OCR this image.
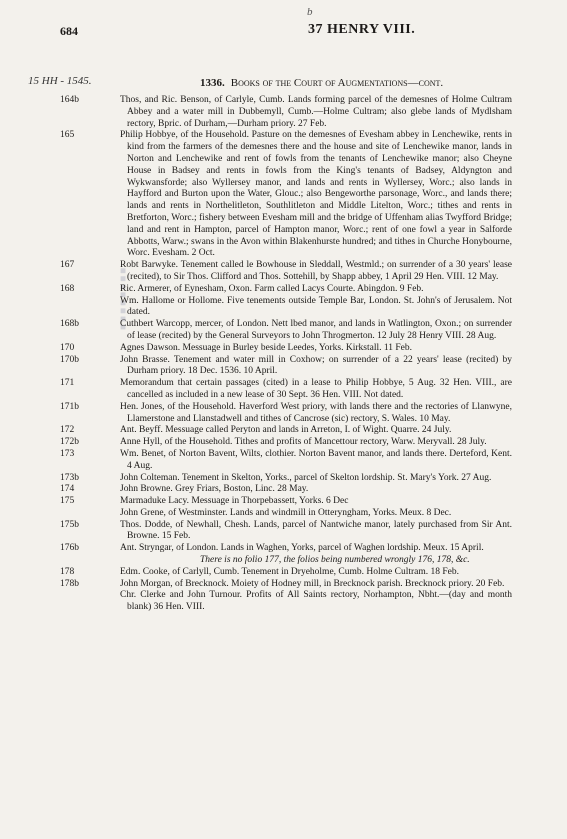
684
b
37 HENRY VIII.
15 HH - 1545.	1336. Books of the Court of Augmentations—cont.
■■■■■■■■
164b	Thos, and Ric. Benson, of Carlyle, Cumb. Lands forming parcel of the demesnes of Holme Cultram Abbey and a water mill in Dubbemyll, Cumb.—Holme Cultram; also glebe lands of Mydlsham rectory, Bpric. of Durham,—Durham priory. 27 Feb.
165	Philip Hobbye, of the Household. Pasture on the demesnes of Evesham abbey in Lenchewike, rents in kind from the farmers of the demesnes there and the house and site of Lenchewike manor, lands in Norton and Lenchewike and rent of fowls from the tenants of Lenchewike manor; also Cheyne House in Badsey and rents in fowls from the King's tenants of Badsey, Aldyngton and Wykwansforde; also Wyllersey manor, and lands and rents in Wyllersey, Worc.; also lands in Hayfford and Burton upon the Water, Glouc.; also Bengeworthe parsonage, Worc., and lands there; lands and rents in Northelitleton, Southlitleton and Middle Litelton, Worc.; tithes and rents in Bretforton, Worc.; fishery between Evesham mill and the bridge of Uffenham alias Twyfford Bridge; land and rent in Hampton, parcel of Hampton manor, Worc.; rent of one fowl a year in Salforde Abbotts, Warw.; swans in the Avon within Blakenhurste hundred; and tithes in Churche Honybourne, Worc. Evesham. 2 Oct.
167	Robt Barwyke. Tenement called le Bowhouse in Sleddall, Westmld.; on surrender of a 30 years' lease (recited), to Sir Thos. Clifford and Thos. Sottehill, by Shapp abbey, 1 April 29 Hen. VIII. 12 May.
168	Ric. Armerer, of Eynesham, Oxon. Farm called Lacys Courte. Abingdon. 9 Feb.
Wm. Hallome or Hollome. Five tenements outside Temple Bar, London. St. John's of Jerusalem. Not dated.
168b	Cuthbert Warcopp, mercer, of London. Nett lbed manor, and lands in Watlington, Oxon.; on surrender of lease (recited) by the General Surveyors to John Throgmerton. 12 July 28 Henry VIII. 28 Aug.
170	Agnes Dawson. Messuage in Burley beside Leedes, Yorks. Kirkstall. 11 Feb.
170b	John Brasse. Tenement and water mill in Coxhow; on surrender of a 22 years' lease (recited) by Durham priory. 18 Dec. 1536. 10 April.
171	Memorandum that certain passages (cited) in a lease to Philip Hobbye, 5 Aug. 32 Hen. VIII., are cancelled as included in a new lease of 30 Sept. 36 Hen. VIII. Not dated.
171b	Hen. Jones, of the Household. Haverford West priory, with lands there and the rectories of Llanwyne, Llamerstone and Llanstadwell and tithes of Cancrose (sic) rectory, S. Wales. 10 May.
172	Ant. Beyff. Messuage called Peryton and lands in Arreton, I. of Wight. Quarre. 24 July.
172b	Anne Hyll, of the Household. Tithes and profits of Mancettour rectory, Warw. Meryvall. 28 July.
173	Wm. Benet, of Norton Bavent, Wilts, clothier. Norton Bavent manor, and lands there. Derteford, Kent. 4 Aug.
173b	John Colteman. Tenement in Skelton, Yorks., parcel of Skelton lordship. St. Mary's York. 27 Aug.
174	John Browne. Grey Friars, Boston, Linc. 28 May.
175	Marmaduke Lacy. Messuage in Thorpebassett, Yorks. 6 Dec
John Grene, of Westminster. Lands and windmill in Otteryngham, Yorks. Meux. 8 Dec.
175b	Thos. Dodde, of Newhall, Chesh. Lands, parcel of Nantwiche manor, lately purchased from Sir Ant. Browne. 15 Feb.
176b	Ant. Stryngar, of London. Lands in Waghen, Yorks, parcel of Waghen lordship. Meux. 15 April.
There is no folio 177, the folios being numbered wrongly 176, 178, &c.
178	Edm. Cooke, of Carlyll, Cumb. Tenement in Dryeholme, Cumb. Holme Cultram. 18 Feb.
178b	John Morgan, of Brecknock. Moiety of Hodney mill, in Brecknock parish. Brecknock priory. 20 Feb.
Chr. Clerke and John Turnour. Profits of All Saints rectory, Norhampton, Nbht.—(day and month blank) 36 Hen. VIII.
